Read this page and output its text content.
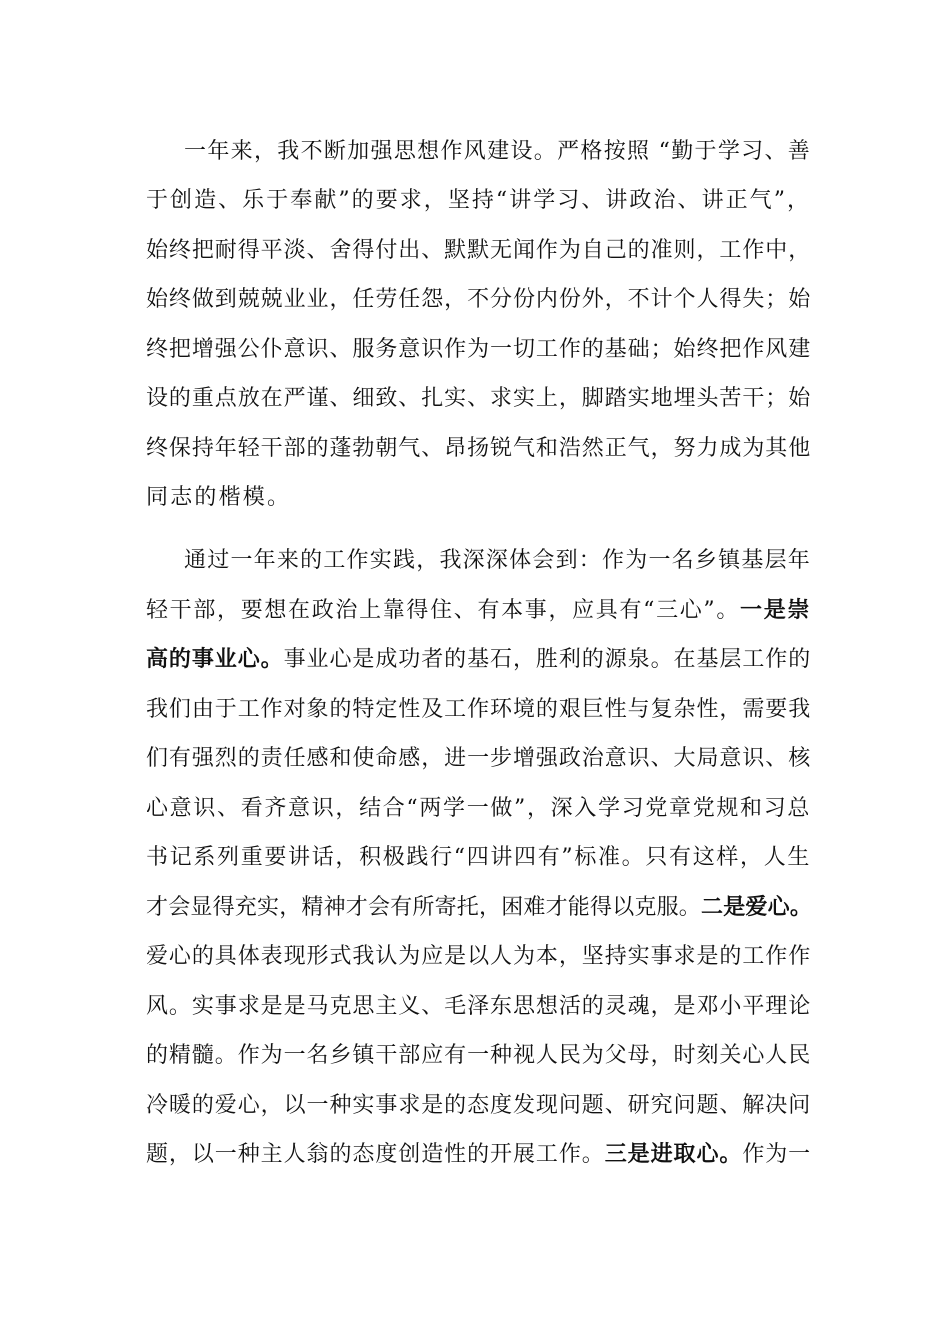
一年来，我不断加强思想作风建设。严格按照 “勤于学习、善
于创造、乐于奉献”的要求，坚持“讲学习、讲政治、讲正气”，
始终把耐得平淡、舍得付出、默默无闻作为自己的准则，工作中，
始终做到兢兢业业，任劳任怨，不分份内份外，不计个人得失；始
终把增强公仆意识、服务意识作为一切工作的基础；始终把作风建
设的重点放在严谨、细致、扎实、求实上，脚踏实地埋头苦干；始
终保持年轻干部的蓬勃朝气、昂扬锐气和浩然正气，努力成为其他
同志的楷模。
通过一年来的工作实践，我深深体会到：作为一名乡镇基层年
轻干部，要想在政治上靠得住、有本事，应具有“三心”。一是崇
高的事业心。事业心是成功者的基石，胜利的源泉。在基层工作的
我们由于工作对象的特定性及工作环境的艰巨性与复杂性，需要我
们有强烈的责任感和使命感，进一步增强政治意识、大局意识、核
心意识、看齐意识，结合“两学一做”，深入学习党章党规和习总
书记系列重要讲话，积极践行“四讲四有”标准。只有这样，人生
才会显得充实，精神才会有所寄托，困难才能得以克服。二是爱心。
爱心的具体表现形式我认为应是以人为本，坚持实事求是的工作作
风。实事求是是马克思主义、毛泽东思想活的灵魂，是邓小平理论
的精髓。作为一名乡镇干部应有一种视人民为父母，时刻关心人民
冷暖的爱心，以一种实事求是的态度发现问题、研究问题、解决问
题，以一种主人翁的态度创造性的开展工作。三是进取心。作为一
